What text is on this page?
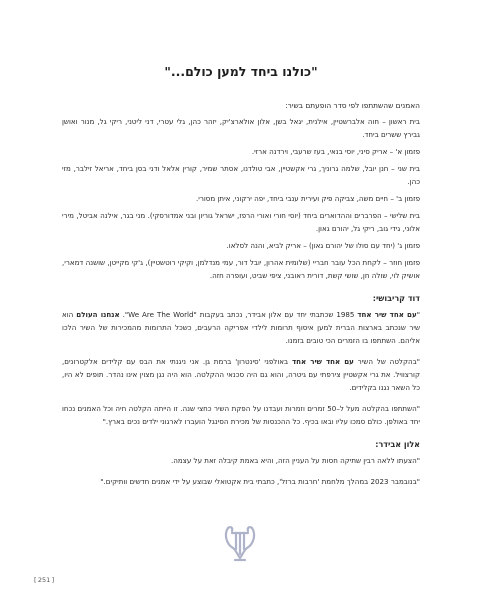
"כולנו ביחד למען כולם..."
האמנים שהשתתפו לפי סדר הופעתם בשיר:

בית ראשון – חוה אלברשטיין, אילנית, יגאל בשן, אלון אולארצ'יק, יזהר כהן, גלי עטרי, דני ליטני, ריקי גל, מנור ואושן גבירץ ששרים ביחד.

פזמון א' – אריק סיני, יוסי בנאי, בעז שרעבי, וירדנה ארזי.

בית שני – חנן יובל, שלמה גרוניך, גרי אקשטיין, אבי טולדנו, אסתר שמיר, קורין אלאל ודני בסן ביחד, אריאל זילבר, מזי כהן.

פזמון ב' – חיים משה, צביקה פיק ועירית ענבי ביחד, יפה ירקוני, איתן מסורי.

בית שלישי – הפרברים וההדוארים ביחד (יוסי חורי ואורי הרפז, ישראל גוריון ובני אמדורסקי). מני בגר, אילנה אביטל, מירי אלוני, גידי גוב, ריקי גל, יהורם גאון.

פזמון ג' (יחד עם סולו של יהורם גאון) – אריק לביא, והנה לסלאו.

פזמון חוזר – לקחת הכל עובר חבריי (שלומית אהרון, יובל דור, עמי מנדלמן, וקיקי רוטשטיין), ג'קי מקייטן, שושנה דמארי, אושיק לוי, שולה חן, שושי קשת, דורית ראובני, ציפי שביט, ועופרה חזה.

דוד קריבושי:

"עם אחד שיר אחד 1985 שכתבתי יחד עם אלון אבידר, נכתב בעקבות "We Are The World". אנחנו העולם הוא שיר שנכתב בארצות הברית למען איסוף תרומות לילדי אפריקה הרעבים, כשכל התרומות מהמכירות של השיר הלכו אליהם. השתתפו בו הזמרים הכי טובים בזמנו.

"בהקלטה של השיר עם אחד שיר אחד באולפני 'סינטרון' ברמת גן. אני ניגנתי את הבס עם קלידים אלקטרונים, קורצוויל. את גרי אקשטיין צירפתי עם גיטרה, והוא גם היה סכנאי ההקלטה. הוא היה נגן מצוין אינו נהדר. תופים לא היו, כל השאר נגנו בקלידים.

"השתתפו בהקלטה מעל ל–50 זמרים וזמרות ועבדנו על הפקת השיר כחצי שנה. זו הייתה הקלטה חיה וכל האמנים נכחו יחד באולפן. כולם סמכו עליו ובאו בכיף. כל ההכנסות של מכירת הסינגל הועברו לארגוני ילדים נכים בארץ."

אלון אבידר:

"הצעתו ללאה רבין שתיקה חסות על העניין הזה, והיא באמת קיבלה זאת על עצמה.

"בנובמבר 2023 במהלך מלחמת 'חרבות ברזל', כתבתי בית אקטואלי שבוצע על ידי אמנים חדשים וותיקים."

[ 251 ]
